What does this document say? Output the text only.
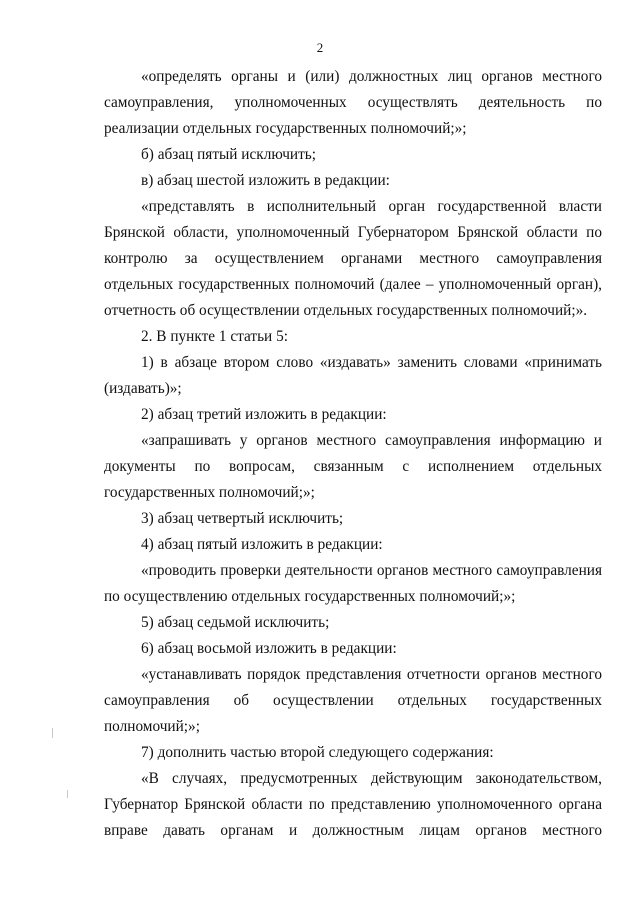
2

«определять органы и (или) должностных лиц органов местного самоуправления, уполномоченных осуществлять деятельность по реализации отдельных государственных полномочий;»;

б) абзац пятый исключить;

в) абзац шестой изложить в редакции:

«представлять в исполнительный орган государственной власти Брянской области, уполномоченный Губернатором Брянской области по контролю за осуществлением органами местного самоуправления отдельных государственных полномочий (далее – уполномоченный орган), отчетность об осуществлении отдельных государственных полномочий;».

2. В пункте 1 статьи 5:

1) в абзаце втором слово «издавать» заменить словами «принимать (издавать)»;

2) абзац третий изложить в редакции:

«запрашивать у органов местного самоуправления информацию и документы по вопросам, связанным с исполнением отдельных государственных полномочий;»;

3) абзац четвертый исключить;

4) абзац пятый изложить в редакции:

«проводить проверки деятельности органов местного самоуправления по осуществлению отдельных государственных полномочий;»;

5) абзац седьмой исключить;

6) абзац восьмой изложить в редакции:

«устанавливать порядок представления отчетности органов местного самоуправления об осуществлении отдельных государственных полномочий;»;

7) дополнить частью второй следующего содержания:

«В случаях, предусмотренных действующим законодательством, Губернатор Брянской области по представлению уполномоченного органа вправе давать органам и должностным лицам органов местного
